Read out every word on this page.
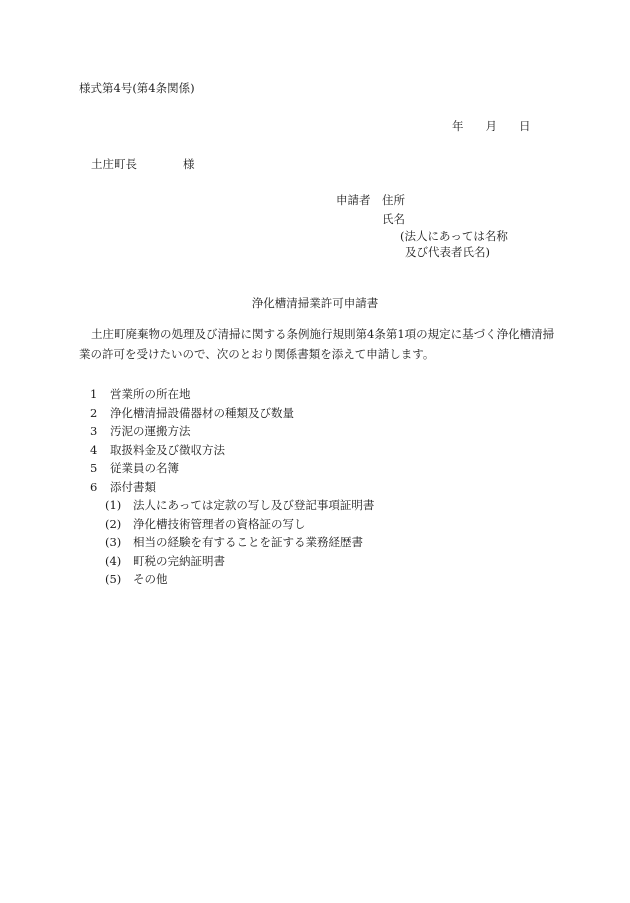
様式第4号(第4条関係)
年 月 日
土庄町長	様
申請者 住所
氏名
(法人にあっては名称
及び代表者氏名)
浄化槽清掃業許可申請書
土庄町廃棄物の処理及び清掃に関する条例施行規則第4条第1項の規定に基づく浄化槽清掃業の許可を受けたいので、次のとおり関係書類を添えて申請します。
1	営業所の所在地
2	浄化槽清掃設備器材の種類及び数量
3	汚泥の運搬方法
4	取扱料金及び徴収方法
5	従業員の名簿
6	添付書類
(1)	法人にあっては定款の写し及び登記事項証明書
(2)	浄化槽技術管理者の資格証の写し
(3)	相当の経験を有することを証する業務経歴書
(4)	町税の完納証明書
(5)	その他
